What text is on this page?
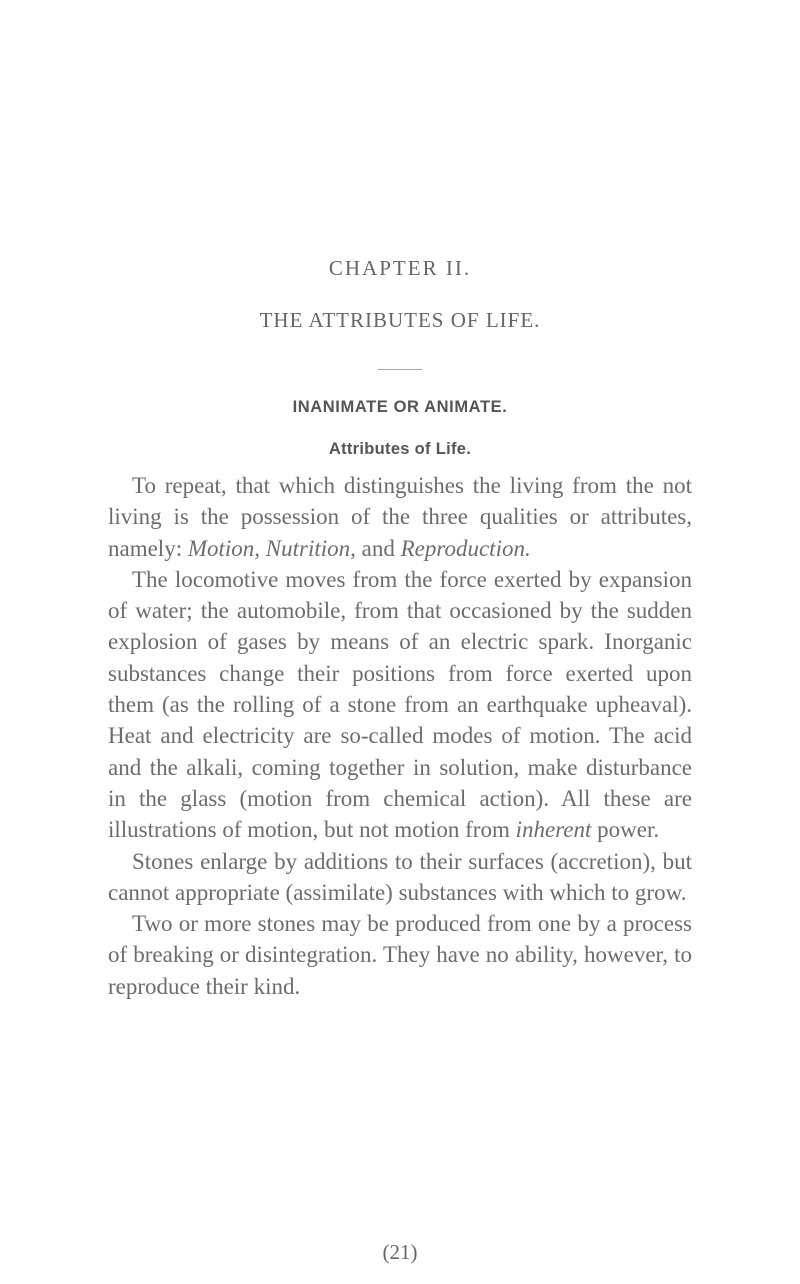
CHAPTER II.
THE ATTRIBUTES OF LIFE.
INANIMATE OR ANIMATE.
Attributes of Life.

To repeat, that which distinguishes the living from the not living is the possession of the three qualities or attributes, namely: Motion, Nutrition, and Reproduction.

The locomotive moves from the force exerted by expansion of water; the automobile, from that occasioned by the sudden explosion of gases by means of an electric spark. Inorganic substances change their positions from force exerted upon them (as the rolling of a stone from an earthquake upheaval). Heat and electricity are so-called modes of motion. The acid and the alkali, coming together in solution, make disturbance in the glass (motion from chemical action). All these are illustrations of motion, but not motion from inherent power.

Stones enlarge by additions to their surfaces (accretion), but cannot appropriate (assimilate) substances with which to grow.

Two or more stones may be produced from one by a process of breaking or disintegration. They have no ability, however, to reproduce their kind.

(21)
